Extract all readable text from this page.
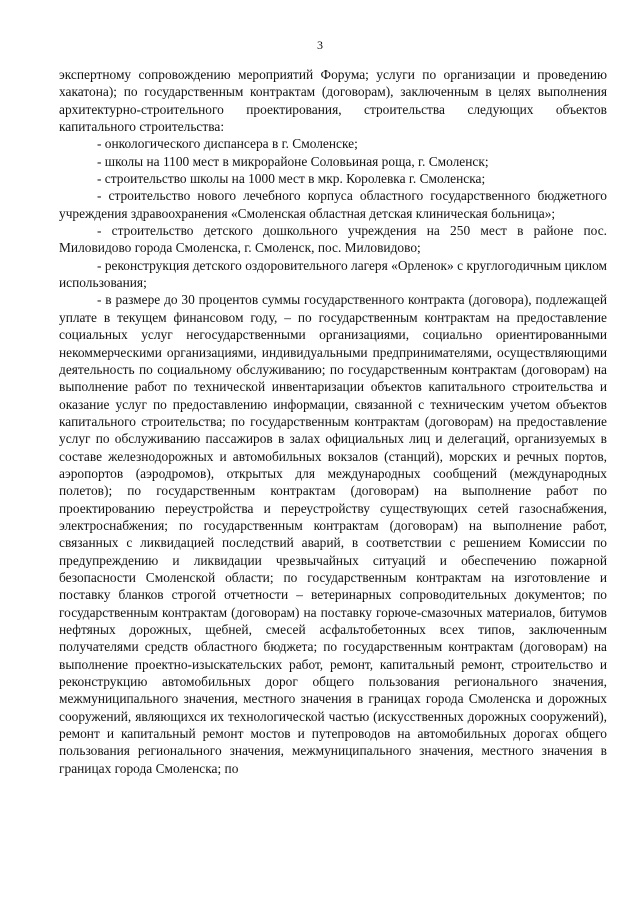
3

экспертному сопровождению мероприятий Форума; услуги по организации и проведению хакатона); по государственным контрактам (договорам), заключенным в целях выполнения архитектурно-строительного проектирования, строительства следующих объектов капитального строительства:

- онкологического диспансера в г. Смоленске;

- школы на 1100 мест в микрорайоне Соловьиная роща, г. Смоленск;

- строительство школы на 1000 мест в мкр. Королевка г. Смоленска;

- строительство нового лечебного корпуса областного государственного бюджетного учреждения здравоохранения «Смоленская областная детская клиническая больница»;

- строительство детского дошкольного учреждения на 250 мест в районе пос. Миловидово города Смоленска, г. Смоленск, пос. Миловидово;

- реконструкция детского оздоровительного лагеря «Орленок» с круглогодичным циклом использования;

- в размере до 30 процентов суммы государственного контракта (договора), подлежащей уплате в текущем финансовом году, – по государственным контрактам на предоставление социальных услуг негосударственными организациями, социально ориентированными некоммерческими организациями, индивидуальными предпринимателями, осуществляющими деятельность по социальному обслуживанию; по государственным контрактам (договорам) на выполнение работ по технической инвентаризации объектов капитального строительства и оказание услуг по предоставлению информации, связанной с техническим учетом объектов капитального строительства; по государственным контрактам (договорам) на предоставление услуг по обслуживанию пассажиров в залах официальных лиц и делегаций, организуемых в составе железнодорожных и автомобильных вокзалов (станций), морских и речных портов, аэропортов (аэродромов), открытых для международных сообщений (международных полетов); по государственным контрактам (договорам) на выполнение работ по проектированию переустройства и переустройству существующих сетей газоснабжения, электроснабжения; по государственным контрактам (договорам) на выполнение работ, связанных с ликвидацией последствий аварий, в соответствии с решением Комиссии по предупреждению и ликвидации чрезвычайных ситуаций и обеспечению пожарной безопасности Смоленской области; по государственным контрактам на изготовление и поставку бланков строгой отчетности – ветеринарных сопроводительных документов; по государственным контрактам (договорам) на поставку горюче-смазочных материалов, битумов нефтяных дорожных, щебней, смесей асфальтобетонных всех типов, заключенным получателями средств областного бюджета; по государственным контрактам (договорам) на выполнение проектно-изыскательских работ, ремонт, капитальный ремонт, строительство и реконструкцию автомобильных дорог общего пользования регионального значения, межмуниципального значения, местного значения в границах города Смоленска и дорожных сооружений, являющихся их технологической частью (искусственных дорожных сооружений), ремонт и капитальный ремонт мостов и путепроводов на автомобильных дорогах общего пользования регионального значения, межмуниципального значения, местного значения в границах города Смоленска; по
